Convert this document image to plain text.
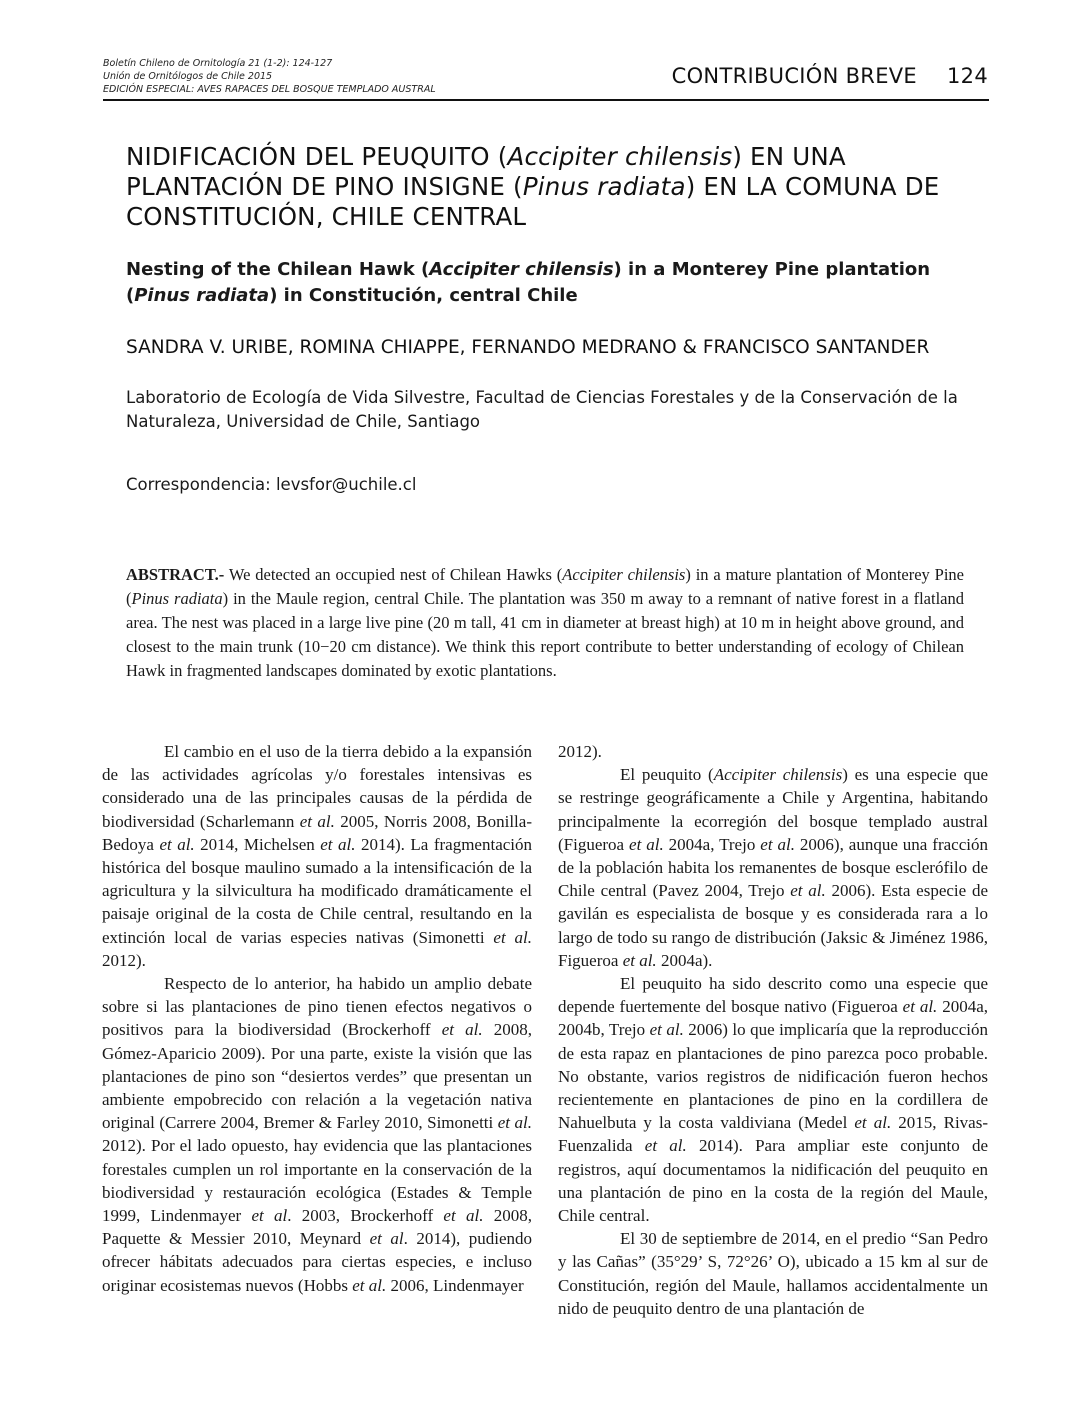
Boletín Chileno de Ornitología 21 (1-2): 124-127
Unión de Ornitólogos de Chile 2015
EDICIÓN ESPECIAL: AVES RAPACES DEL BOSQUE TEMPLADO AUSTRAL
CONTRIBUCIÓN BREVE 124
NIDIFICACIÓN DEL PEUQUITO (Accipiter chilensis) EN UNA PLANTACIÓN DE PINO INSIGNE (Pinus radiata) EN LA COMUNA DE CONSTITUCIÓN, CHILE CENTRAL
Nesting of the Chilean Hawk (Accipiter chilensis) in a Monterey Pine plantation (Pinus radiata) in Constitución, central Chile
SANDRA V. URIBE, ROMINA CHIAPPE, FERNANDO MEDRANO & FRANCISCO SANTANDER
Laboratorio de Ecología de Vida Silvestre, Facultad de Ciencias Forestales y de la Conservación de la Naturaleza, Universidad de Chile, Santiago
Correspondencia: levsfor@uchile.cl

ABSTRACT.- We detected an occupied nest of Chilean Hawks (Accipiter chilensis) in a mature plantation of Monterey Pine (Pinus radiata) in the Maule region, central Chile. The plantation was 350 m away to a remnant of native forest in a flatland area. The nest was placed in a large live pine (20 m tall, 41 cm in diameter at breast high) at 10 m in height above ground, and closest to the main trunk (10−20 cm distance). We think this report contribute to better understanding of ecology of Chilean Hawk in fragmented landscapes dominated by exotic plantations.

El cambio en el uso de la tierra debido a la expansión de las actividades agrícolas y/o forestales intensivas es considerado una de las principales causas de la pérdida de biodiversidad (Scharlemann et al. 2005, Norris 2008, Bonilla-Bedoya et al. 2014, Michelsen et al. 2014). La fragmentación histórica del bosque maulino sumado a la intensificación de la agricultura y la silvicultura ha modificado dramáticamente el paisaje original de la costa de Chile central, resultando en la extinción local de varias especies nativas (Simonetti et al. 2012).

Respecto de lo anterior, ha habido un amplio debate sobre si las plantaciones de pino tienen efectos negativos o positivos para la biodiversidad (Brockerhoff et al. 2008, Gómez-Aparicio 2009). Por una parte, existe la visión que las plantaciones de pino son “desiertos verdes” que presentan un ambiente empobrecido con relación a la vegetación nativa original (Carrere 2004, Bremer & Farley 2010, Simonetti et al. 2012). Por el lado opuesto, hay evidencia que las plantaciones forestales cumplen un rol importante en la conservación de la biodiversidad y restauración ecológica (Estades & Temple 1999, Lindenmayer et al. 2003, Brockerhoff et al. 2008, Paquette & Messier 2010, Meynard et al. 2014), pudiendo ofrecer hábitats adecuados para ciertas especies, e incluso originar ecosistemas nuevos (Hobbs et al. 2006, Lindenmayer

2012).

El peuquito (Accipiter chilensis) es una especie que se restringe geográficamente a Chile y Argentina, habitando principalmente la ecorregión del bosque templado austral (Figueroa et al. 2004a, Trejo et al. 2006), aunque una fracción de la población habita los remanentes de bosque esclerófilo de Chile central (Pavez 2004, Trejo et al. 2006). Esta especie de gavilán es especialista de bosque y es considerada rara a lo largo de todo su rango de distribución (Jaksic & Jiménez 1986, Figueroa et al. 2004a).

El peuquito ha sido descrito como una especie que depende fuertemente del bosque nativo (Figueroa et al. 2004a, 2004b, Trejo et al. 2006) lo que implicaría que la reproducción de esta rapaz en plantaciones de pino parezca poco probable. No obstante, varios registros de nidificación fueron hechos recientemente en plantaciones de pino en la cordillera de Nahuelbuta y la costa valdiviana (Medel et al. 2015, Rivas-Fuenzalida et al. 2014). Para ampliar este conjunto de registros, aquí documentamos la nidificación del peuquito en una plantación de pino en la costa de la región del Maule, Chile central.

El 30 de septiembre de 2014, en el predio “San Pedro y las Cañas” (35°29’ S, 72°26’ O), ubicado a 15 km al sur de Constitución, región del Maule, hallamos accidentalmente un nido de peuquito dentro de una plantación de
